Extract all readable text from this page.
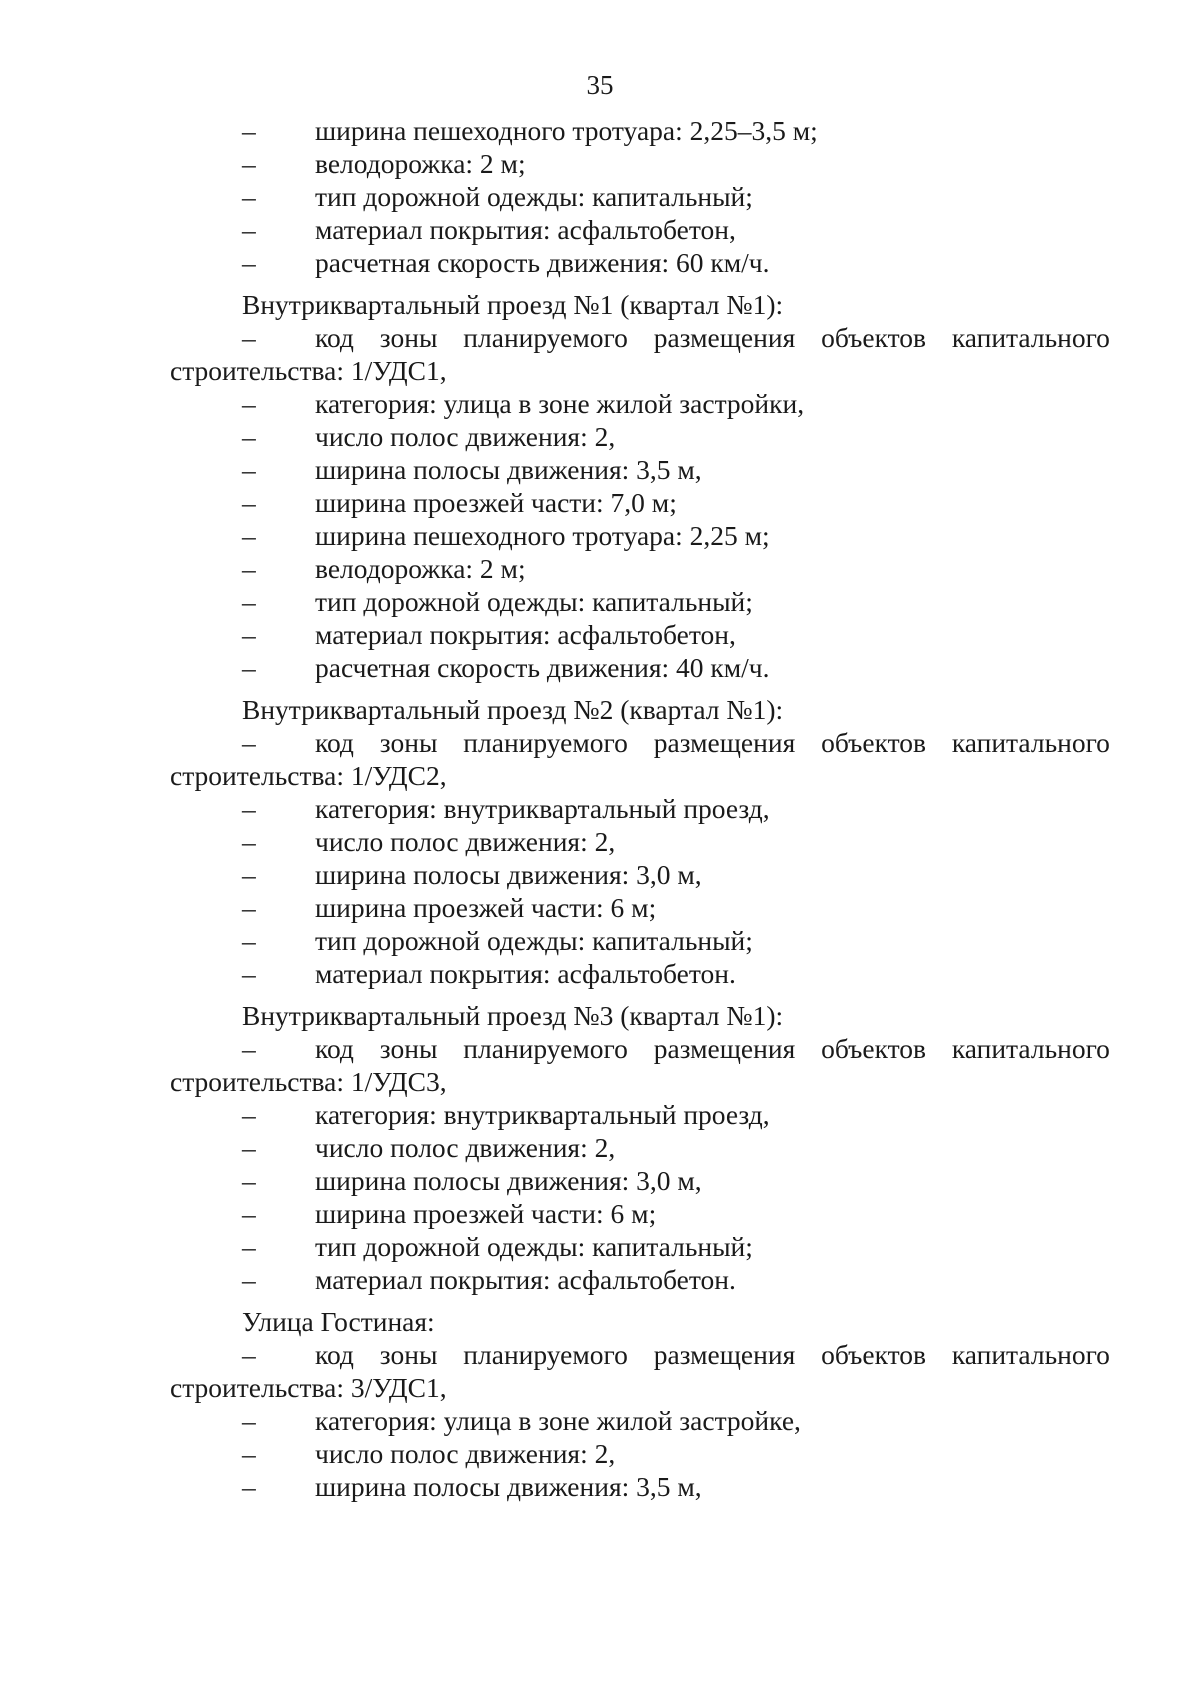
35
– ширина пешеходного тротуара: 2,25–3,5 м;
– велодорожка: 2 м;
– тип дорожной одежды: капитальный;
– материал покрытия: асфальтобетон,
– расчетная скорость движения: 60 км/ч.

Внутриквартальный проезд №1 (квартал №1):

–	код зоны планируемого размещения объектов капитального

строительства: 1/УДС1,

– категория: улица в зоне жилой застройки,
– число полос движения: 2,
– ширина полосы движения: 3,5 м,
– ширина проезжей части: 7,0 м;
– ширина пешеходного тротуара: 2,25 м;
– велодорожка: 2 м;
– тип дорожной одежды: капитальный;
– материал покрытия: асфальтобетон,
– расчетная скорость движения: 40 км/ч.

Внутриквартальный проезд №2 (квартал №1):

–	код зоны планируемого размещения объектов капитального

строительства: 1/УДС2,

– категория: внутриквартальный проезд,
– число полос движения: 2,
– ширина полосы движения: 3,0 м,
– ширина проезжей части: 6 м;
– тип дорожной одежды: капитальный;
– материал покрытия: асфальтобетон.

Внутриквартальный проезд №3 (квартал №1):

–	код зоны планируемого размещения объектов капитального

строительства: 1/УДС3,

– категория: внутриквартальный проезд,
– число полос движения: 2,
– ширина полосы движения: 3,0 м,
– ширина проезжей части: 6 м;
– тип дорожной одежды: капитальный;
– материал покрытия: асфальтобетон.

Улица Гостиная:

–	код зоны планируемого размещения объектов капитального

строительства: 3/УДС1,

– категория: улица в зоне жилой застройке,
– число полос движения: 2,
– ширина полосы движения: 3,5 м,
